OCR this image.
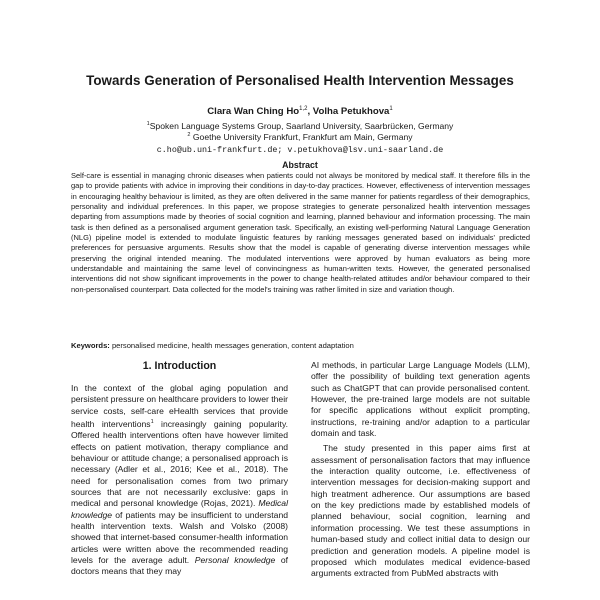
Towards Generation of Personalised Health Intervention Messages
Clara Wan Ching Ho$^{1,2}$, Volha Petukhova$^1$
$^1$Spoken Language Systems Group, Saarland University, Saarbrücken, Germany
$^2$ Goethe University Frankfurt, Frankfurt am Main, Germany
c.ho@ub.uni-frankfurt.de; v.petukhova@lsv.uni-saarland.de
Abstract
Self-care is essential in managing chronic diseases when patients could not always be monitored by medical staff. It therefore fills in the gap to provide patients with advice in improving their conditions in day-to-day practices. However, effectiveness of intervention messages in encouraging healthy behaviour is limited, as they are often delivered in the same manner for patients regardless of their demographics, personality and individual preferences. In this paper, we propose strategies to generate personalized health intervention messages departing from assumptions made by theories of social cognition and learning, planned behaviour and information processing. The main task is then defined as a personalised argument generation task. Specifically, an existing well-performing Natural Language Generation (NLG) pipeline model is extended to modulate linguistic features by ranking messages generated based on individuals' predicted preferences for persuasive arguments. Results show that the model is capable of generating diverse intervention messages while preserving the original intended meaning. The modulated interventions were approved by human evaluators as being more understandable and maintaining the same level of convincingness as human-written texts. However, the generated personalised interventions did not show significant improvements in the power to change health-related attitudes and/or behaviour compared to their non-personalised counterpart. Data collected for the model's training was rather limited in size and variation though.
Keywords: personalised medicine, health messages generation, content adaptation
1. Introduction
In the context of the global aging population and persistent pressure on healthcare providers to lower their service costs, self-care eHealth services that provide health interventions$^1$ increasingly gaining popularity. Offered health interventions often have however limited effects on patient motivation, therapy compliance and behaviour or attitude change; a personalised approach is necessary (Adler et al., 2016; Kee et al., 2018). The need for personalisation comes from two primary sources that are not necessarily exclusive: gaps in medical and personal knowledge (Rojas, 2021). Medical knowledge of patients may be insufficient to understand health intervention texts. Walsh and Volsko (2008) showed that internet-based consumer-health information articles were written above the recommended reading levels for the average adult. Personal knowledge of doctors means that they may

AI methods, in particular Large Language Models (LLM), offer the possibility of building text generation agents such as ChatGPT that can provide personalised content. However, the pre-trained large models are not suitable for specific applications without explicit prompting, instructions, re-training and/or adaption to a particular domain and task.

The study presented in this paper aims first at assessment of personalisation factors that may influence the interaction quality outcome, i.e. effectiveness of intervention messages for decision-making support and high treatment adherence. Our assumptions are based on the key predictions made by established models of planned behaviour, social cognition, learning and information processing. We test these assumptions in human-based study and collect initial data to design our prediction and generation models. A pipeline model is proposed which modulates medical evidence-based arguments extracted from PubMed abstracts with
